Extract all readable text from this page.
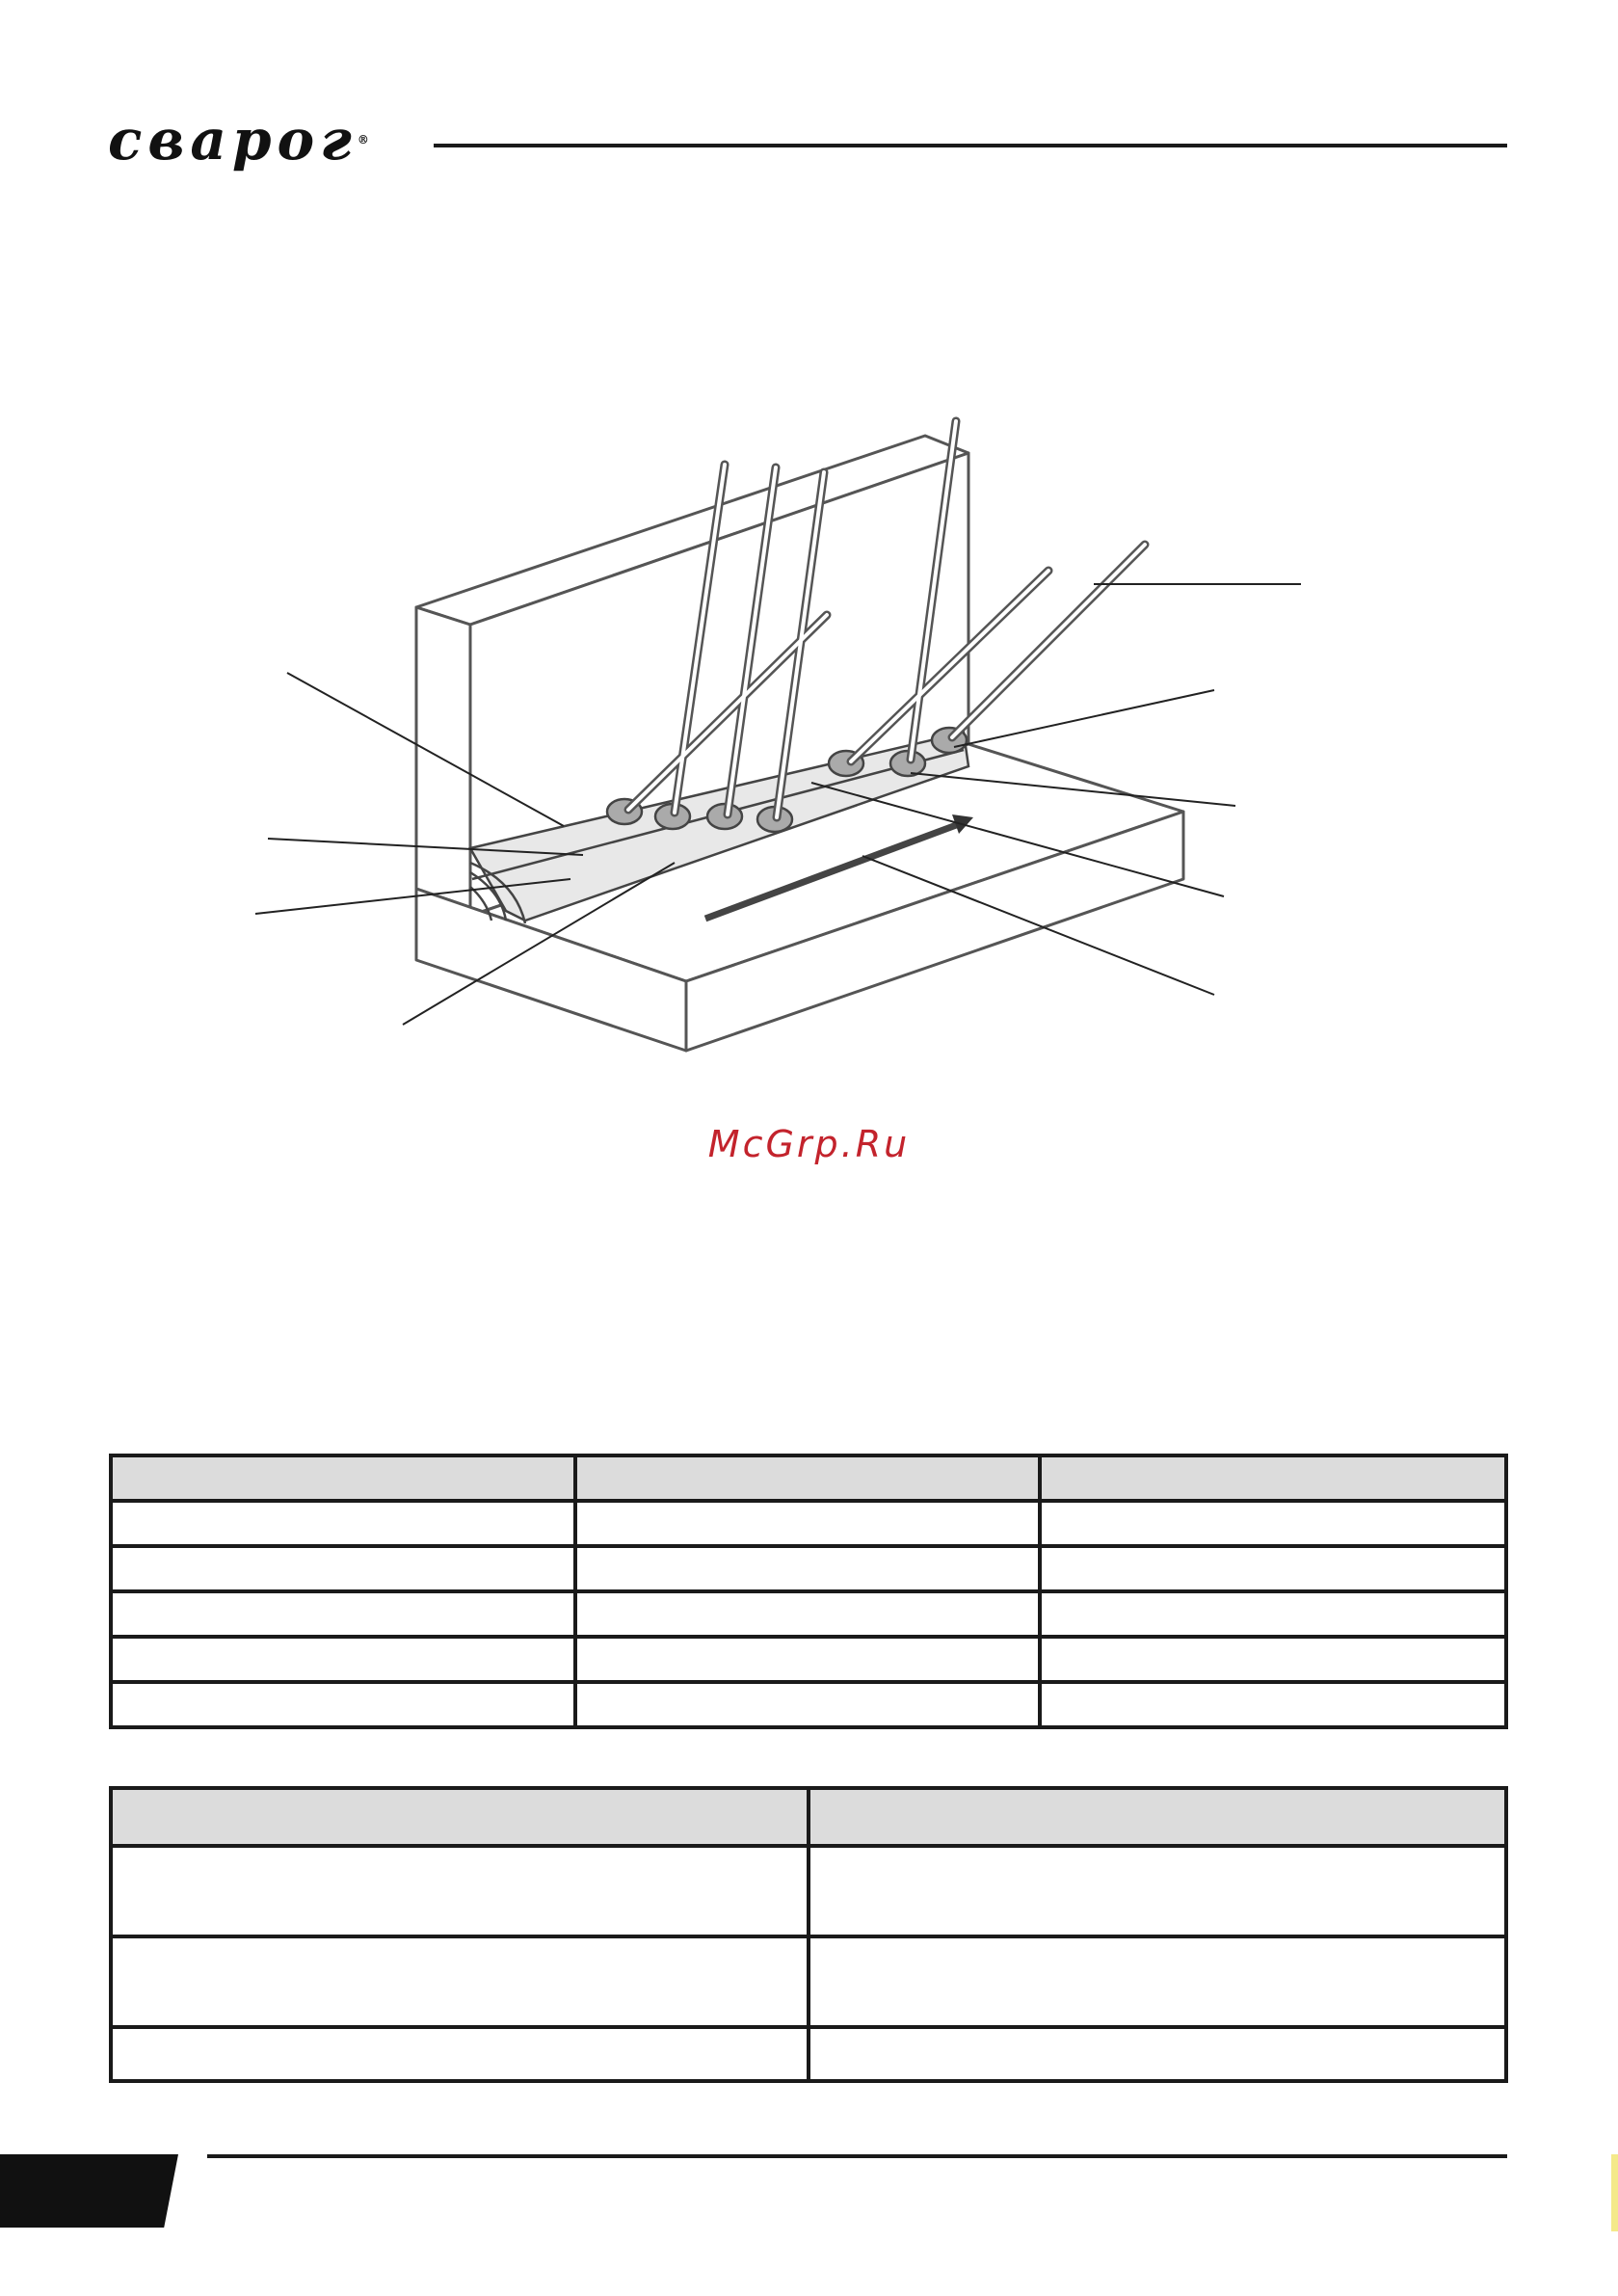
сварог®
McGrp.Ru
